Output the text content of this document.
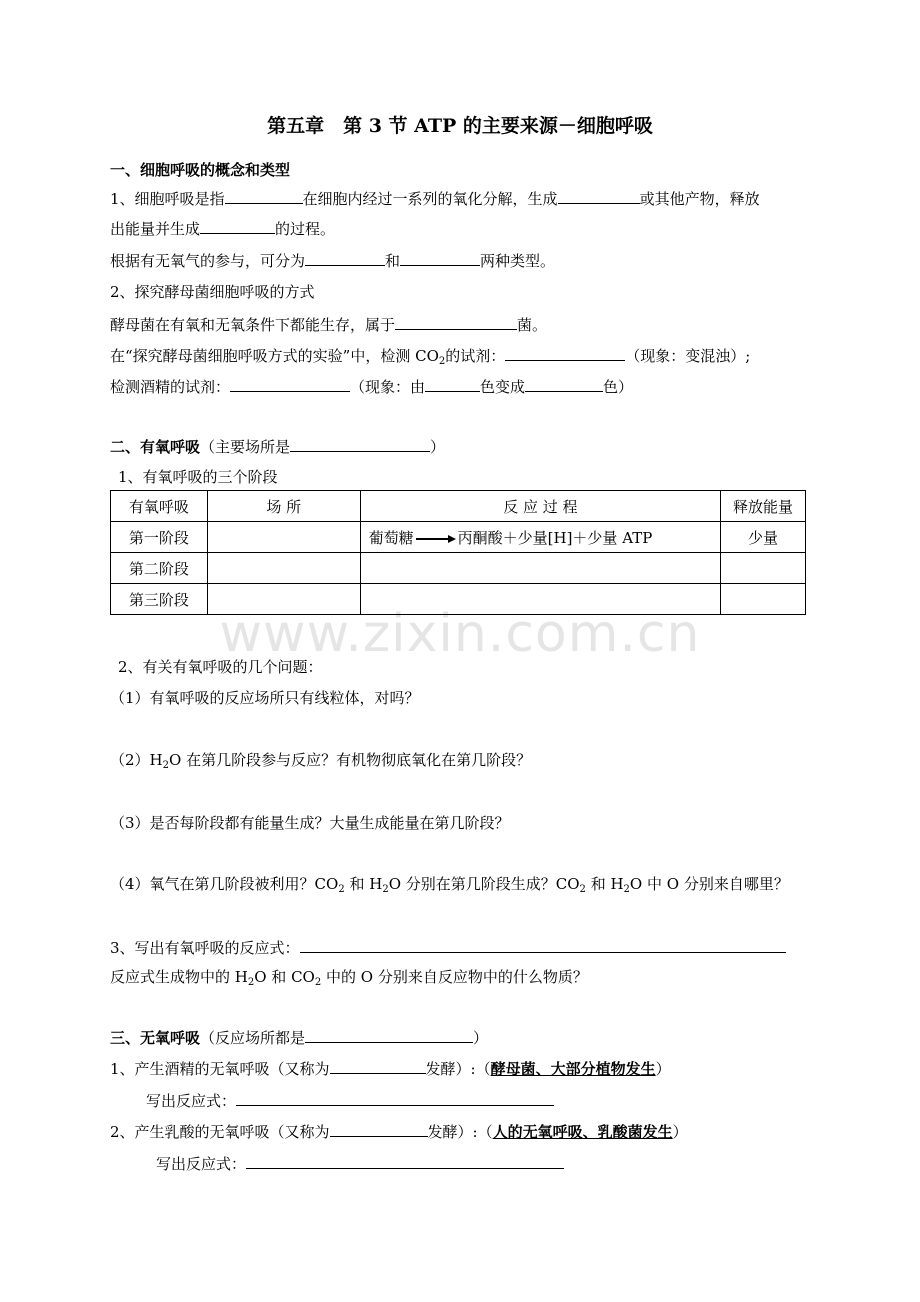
www.zixin.com.cn
第五章　第 3 节 ATP 的主要来源－细胞呼吸
一、细胞呼吸的概念和类型
1、细胞呼吸是指	在细胞内经过一系列的氧化分解，生成	或其他产物，释放
出能量并生成	的过程。
根据有无氧气的参与，可分为	和	两种类型。
2、探究酵母菌细胞呼吸的方式
酵母菌在有氧和无氧条件下都能生存，属于	菌。
在“探究酵母菌细胞呼吸方式的实验”中，检测 $CO_2$的试剂：	（现象：变混浊）;
检测酒精的试剂：	（现象：由	色变成	色）
二、有氧呼吸（主要场所是	）
1、有氧呼吸的三个阶段
有氧呼吸	场 所	反 应 过 程	释放能量
第一阶段		葡萄糖 丙酮酸＋少量[H]＋少量 ATP	少量
第二阶段			
第三阶段			
2、有关有氧呼吸的几个问题：
（1）有氧呼吸的反应场所只有线粒体，对吗？
$(2)H_2O$ 在第几阶段参与反应？有机物彻底氧化在第几阶段？
（3）是否每阶段都有能量生成？大量生成能量在第几阶段？
（4）氧气在第几阶段被利用？$CO_2$ 和 $H_2O$ 分别在第几阶段生成？$CO_2$ 和 $H_2O$ 中 O 分别来自哪里？
3、写出有氧呼吸的反应式：
反应式生成物中的 $H_2O$ 和 $CO_2$ 中的 O 分别来自反应物中的什么物质？
三、无氧呼吸（反应场所都是	）
1、产生酒精的无氧呼吸（又称为	发酵）:（酵母菌、大部分植物发生）
写出反应式：
2、产生乳酸的无氧呼吸（又称为	发酵）:（人的无氧呼吸、乳酸菌发生）
写出反应式：
